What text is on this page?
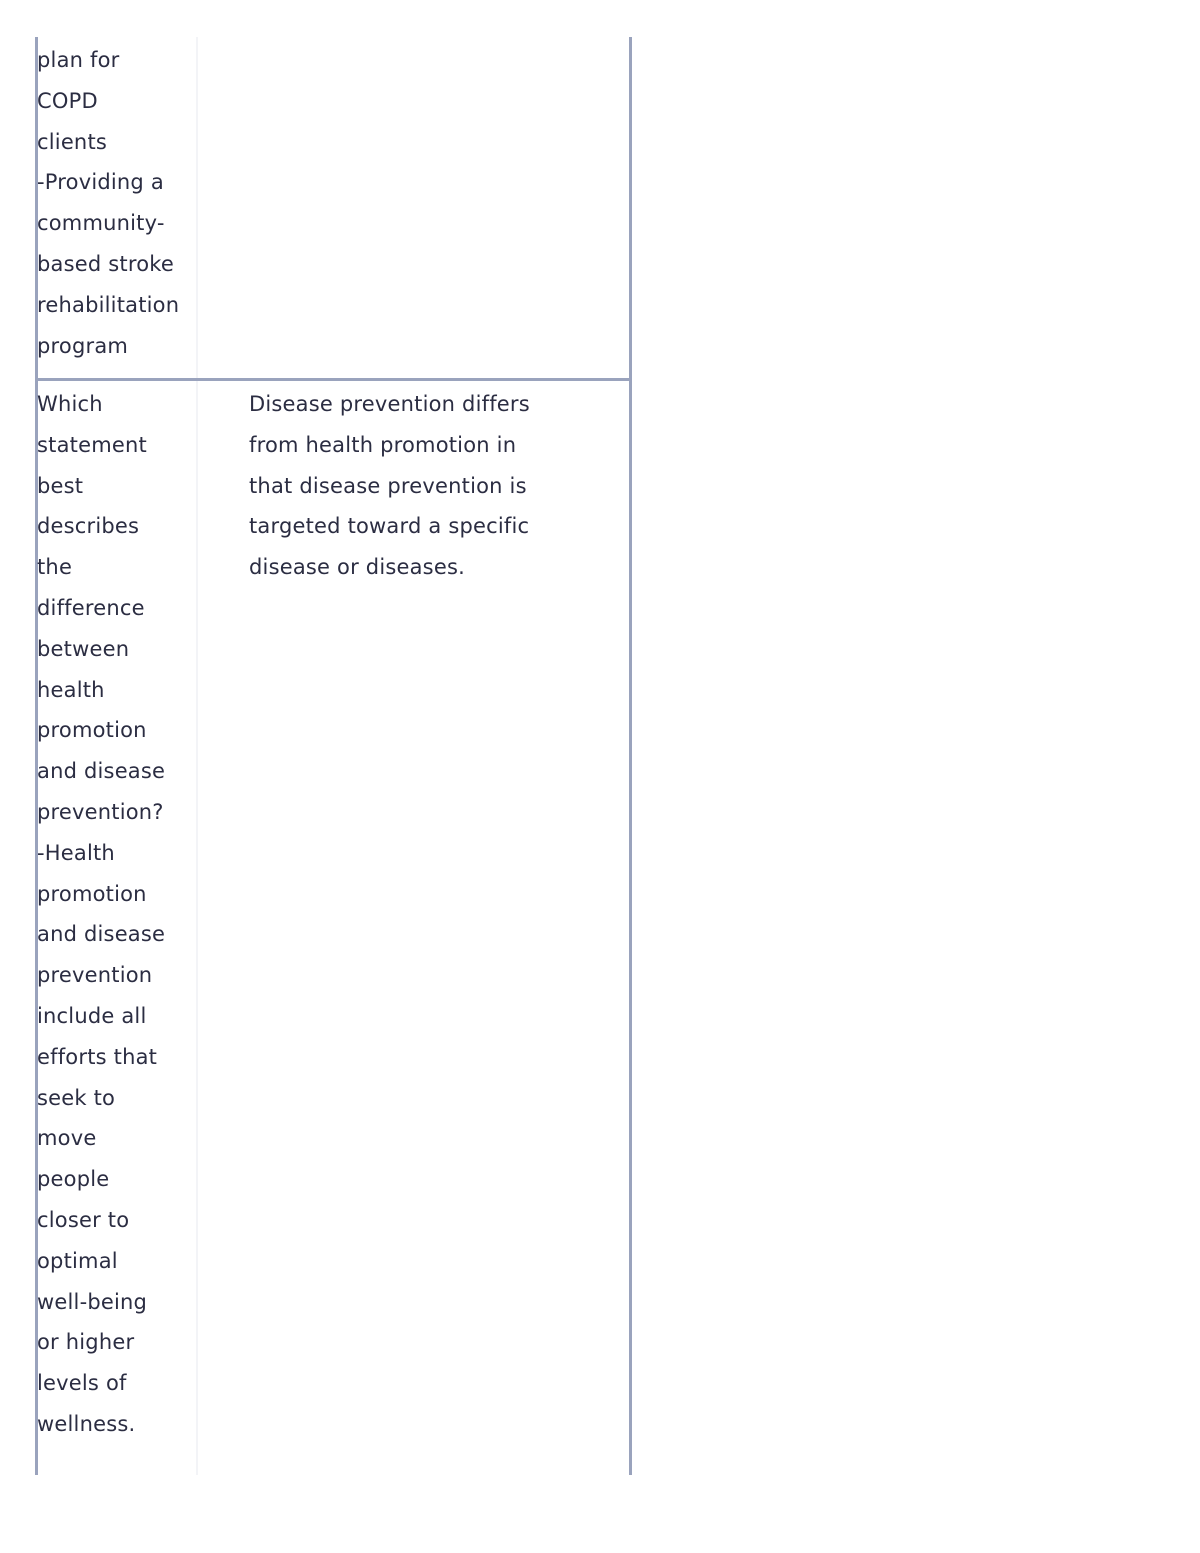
plan for
COPD
clients
-Providing a
community-
based stroke
rehabilitation
program
Which
statement
best
describes
the
difference
between
health
promotion
and disease
prevention?
-Health
promotion
and disease
prevention
include all
efforts that
seek to
move
people
closer to
optimal
well-being
or higher
levels of
wellness.
Disease prevention differs
from health promotion in
that disease prevention is
targeted toward a specific
disease or diseases.
